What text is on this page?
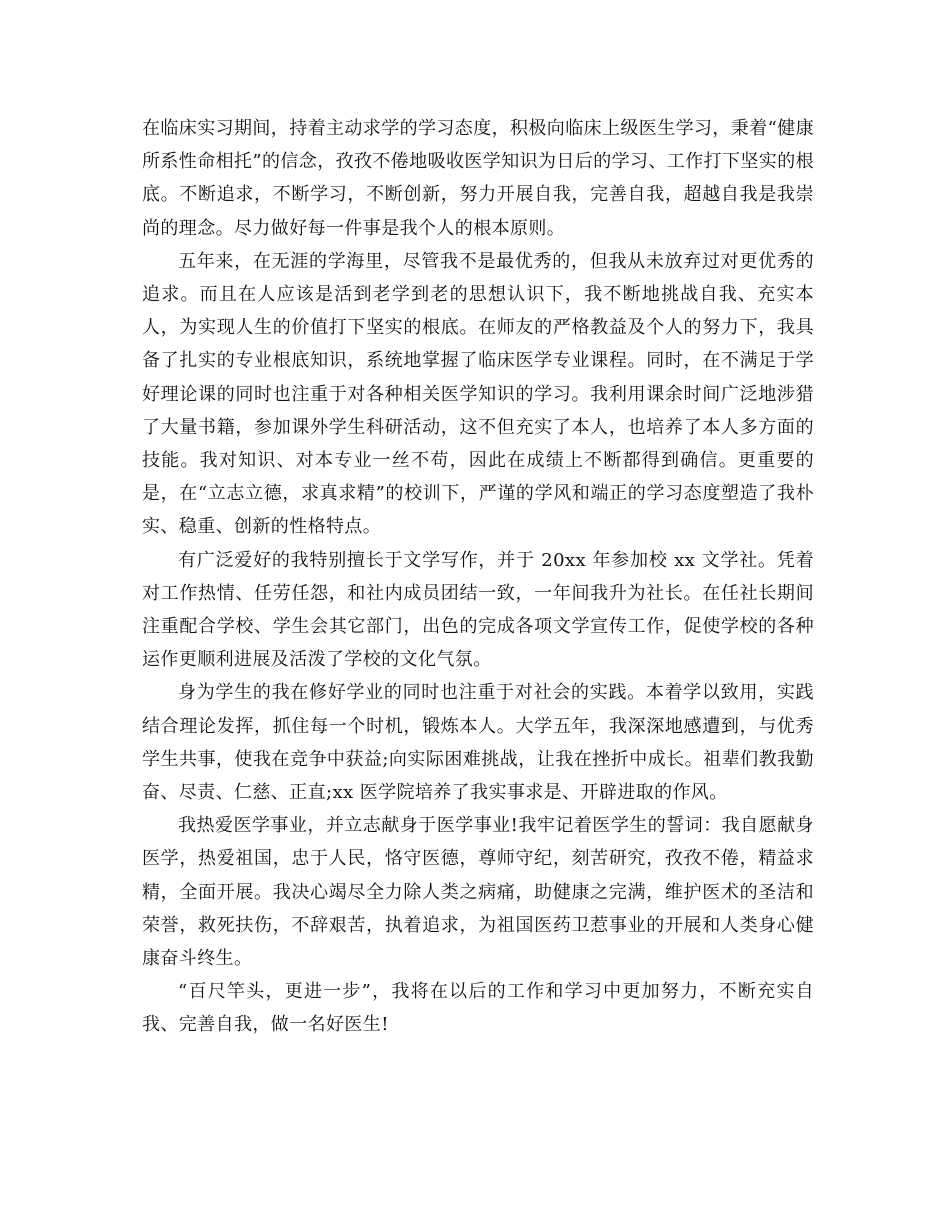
在临床实习期间，持着主动求学的学习态度，积极向临床上级医生学习，秉着“健康所系性命相托”的信念，孜孜不倦地吸收医学知识为日后的学习、工作打下坚实的根底。不断追求，不断学习，不断创新，努力开展自我，完善自我，超越自我是我崇尚的理念。尽力做好每一件事是我个人的根本原则。

五年来，在无涯的学海里，尽管我不是最优秀的，但我从未放弃过对更优秀的追求。而且在人应该是活到老学到老的思想认识下，我不断地挑战自我、充实本人，为实现人生的价值打下坚实的根底。在师友的严格教益及个人的努力下，我具备了扎实的专业根底知识，系统地掌握了临床医学专业课程。同时，在不满足于学好理论课的同时也注重于对各种相关医学知识的学习。我利用课余时间广泛地涉猎了大量书籍，参加课外学生科研活动，这不但充实了本人，也培养了本人多方面的技能。我对知识、对本专业一丝不苟，因此在成绩上不断都得到确信。更重要的是，在“立志立德，求真求精”的校训下，严谨的学风和端正的学习态度塑造了我朴实、稳重、创新的性格特点。

有广泛爱好的我特别擅长于文学写作，并于 20xx 年参加校 xx 文学社。凭着对工作热情、任劳任怨，和社内成员团结一致，一年间我升为社长。在任社长期间注重配合学校、学生会其它部门，出色的完成各项文学宣传工作，促使学校的各种运作更顺利进展及活泼了学校的文化气氛。

身为学生的我在修好学业的同时也注重于对社会的实践。本着学以致用，实践结合理论发挥，抓住每一个时机，锻炼本人。大学五年，我深深地感遭到，与优秀学生共事，使我在竞争中获益;向实际困难挑战，让我在挫折中成长。祖辈们教我勤奋、尽责、仁慈、正直;xx 医学院培养了我实事求是、开辟进取的作风。

我热爱医学事业，并立志献身于医学事业!我牢记着医学生的誓词：我自愿献身医学，热爱祖国，忠于人民，恪守医德，尊师守纪，刻苦研究，孜孜不倦，精益求精，全面开展。我决心竭尽全力除人类之病痛，助健康之完满，维护医术的圣洁和荣誉，救死扶伤，不辞艰苦，执着追求，为祖国医药卫惹事业的开展和人类身心健康奋斗终生。

“百尺竿头，更进一步”，我将在以后的工作和学习中更加努力，不断充实自我、完善自我，做一名好医生!
